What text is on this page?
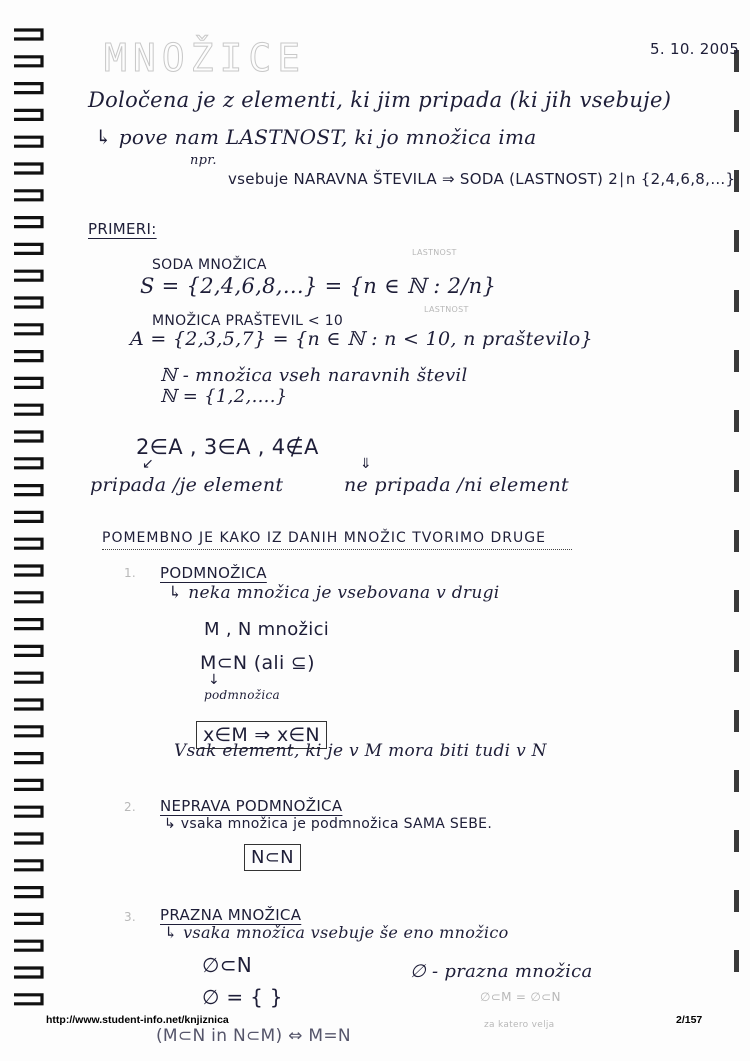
MNOŽICE	5. 10. 2005
Določena je z elementi, ki jim pripada (ki jih vsebuje)
↳ pove nam LASTNOST, ki jo množica ima
npr.
vsebuje NARAVNA ŠTEVILA ⇒ SODA (LASTNOST) 2∣n {2,4,6,8,…}
PRIMERI:
LASTNOST
SODA MNOŽICA
S = {2,4,6,8,…} = {n ∈ ℕ : 2/n}
LASTNOST
MNOŽICA PRAŠTEVIL < 10
A = {2,3,5,7} = {n ∈ ℕ : n < 10, n praštevilo}
ℕ - množica vseh naravnih števil
ℕ = {1,2,….}
2∈A , 3∈A , 4∉A
↙	⇓
pripada /je element	ne pripada /ni element
POMEMBNO JE KAKO IZ DANIH MNOŽIC TVORIMO DRUGE
1. PODMNOŽICA
↳ neka množica je vsebovana v drugi
M , N množici
M⊂N (ali ⊆)
↓
podmnožica
x∈M ⇒ x∈N
Vsak element, ki je v M mora biti tudi v N
2. NEPRAVA PODMNOŽICA
↳ vsaka množica je podmnožica SAMA SEBE.
N⊂N
3. PRAZNA MNOŽICA
↳ vsaka množica vsebuje še eno množico
∅⊂N	∅ - prazna množica
∅ = { }	∅⊂M = ∅⊂N
za katero velja
(M⊂N in N⊂M) ⇔ M=N
http://www.student-info.net/knjiznica	2/157
